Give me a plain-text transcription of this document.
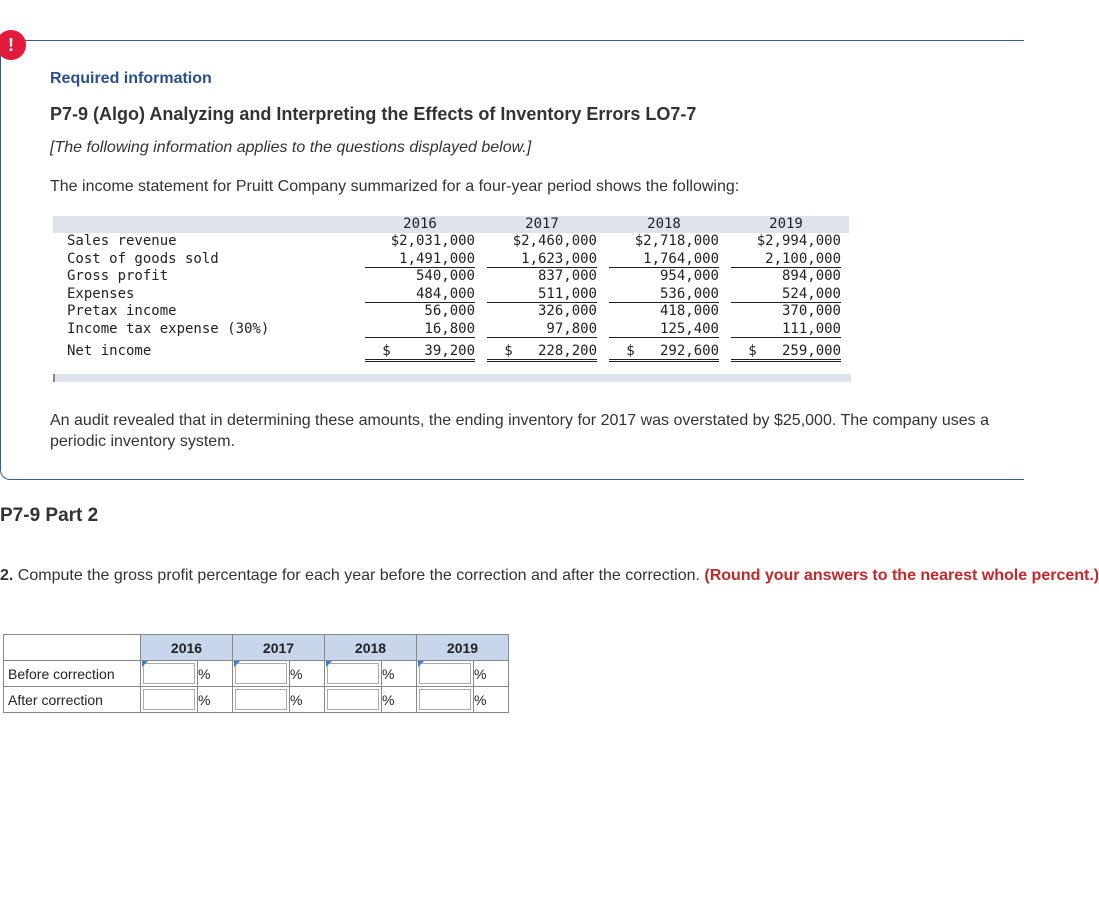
!
Required information
P7-9 (Algo) Analyzing and Interpreting the Effects of Inventory Errors LO7-7
[The following information applies to the questions displayed below.]
The income statement for Pruitt Company summarized for a four-year period shows the following:
2016	2017	2018	2019
Sales revenue	$2,031,000	$2,460,000	$2,718,000	$2,994,000
Cost of goods sold	1,491,000	1,623,000	1,764,000	2,100,000
Gross profit	540,000	837,000	954,000	894,000
Expenses	484,000	511,000	536,000	524,000
Pretax income	56,000	326,000	418,000	370,000
Income tax expense (30%)	16,800	97,800	125,400	111,000
Net income	$    39,200	$   228,200	$   292,600	$   259,000
An audit revealed that in determining these amounts, the ending inventory for 2017 was overstated by $25,000. The company uses a periodic inventory system.
P7-9 Part 2
2. Compute the gross profit percentage for each year before the correction and after the correction. (Round your answers to the nearest whole percent.)
	2016		2017		2018		2019	
Before correction		%		%		%		%
After correction		%		%		%		%
